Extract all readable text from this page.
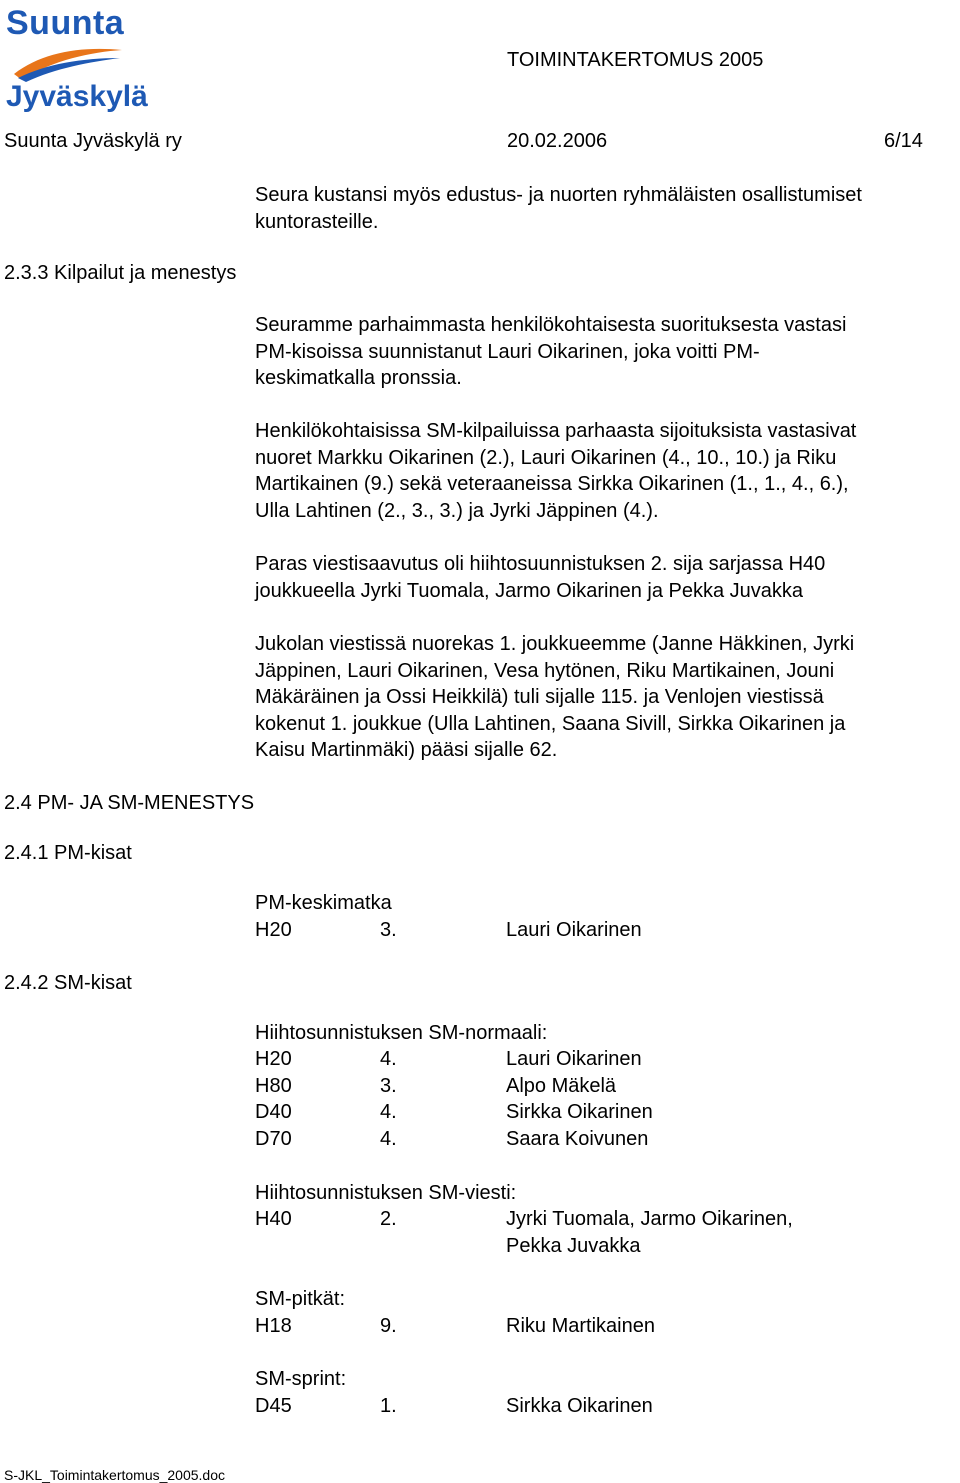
Suunta
Jyväskylä
TOIMINTAKERTOMUS 2005
Suunta Jyväskylä ry	20.02.2006	6/14
2.3.3 Kilpailut ja menestys
2.4 PM- JA SM-MENESTYS
2.4.1 PM-kisat
2.4.2 SM-kisat
Seura kustansi myös edustus- ja nuorten ryhmäläisten osallistumiset
kuntorasteille.
Seuramme parhaimmasta henkilökohtaisesta suorituksesta vastasi
PM-kisoissa suunnistanut Lauri Oikarinen, joka voitti PM-
keskimatkalla pronssia.
Henkilökohtaisissa SM-kilpailuissa parhaasta sijoituksista vastasivat
nuoret Markku Oikarinen (2.), Lauri Oikarinen (4., 10., 10.) ja Riku
Martikainen (9.) sekä veteraaneissa Sirkka Oikarinen (1., 1., 4., 6.),
Ulla Lahtinen (2., 3., 3.) ja Jyrki Jäppinen (4.).
Paras viestisaavutus oli hiihtosuunnistuksen 2. sija sarjassa H40
joukkueella Jyrki Tuomala, Jarmo Oikarinen ja Pekka Juvakka
Jukolan viestissä nuorekas 1. joukkueemme (Janne Häkkinen, Jyrki
Jäppinen, Lauri Oikarinen, Vesa hytönen, Riku Martikainen, Jouni
Mäkäräinen ja Ossi Heikkilä) tuli sijalle 115. ja Venlojen viestissä
kokenut 1. joukkue (Ulla Lahtinen, Saana Sivill, Sirkka Oikarinen ja
Kaisu Martinmäki) pääsi sijalle 62.
PM-keskimatka
H20	3.	Lauri Oikarinen
Hiihtosunnistuksen SM-normaali:
H20	4.	Lauri Oikarinen
H80	3.	Alpo Mäkelä
D40	4.	Sirkka Oikarinen
D70	4.	Saara Koivunen
Hiihtosunnistuksen SM-viesti:
H40	2.	Jyrki Tuomala, Jarmo Oikarinen,
Pekka Juvakka
SM-pitkät:
H18	9.	Riku Martikainen
SM-sprint:
D45	1.	Sirkka Oikarinen
S-JKL_Toimintakertomus_2005.doc
